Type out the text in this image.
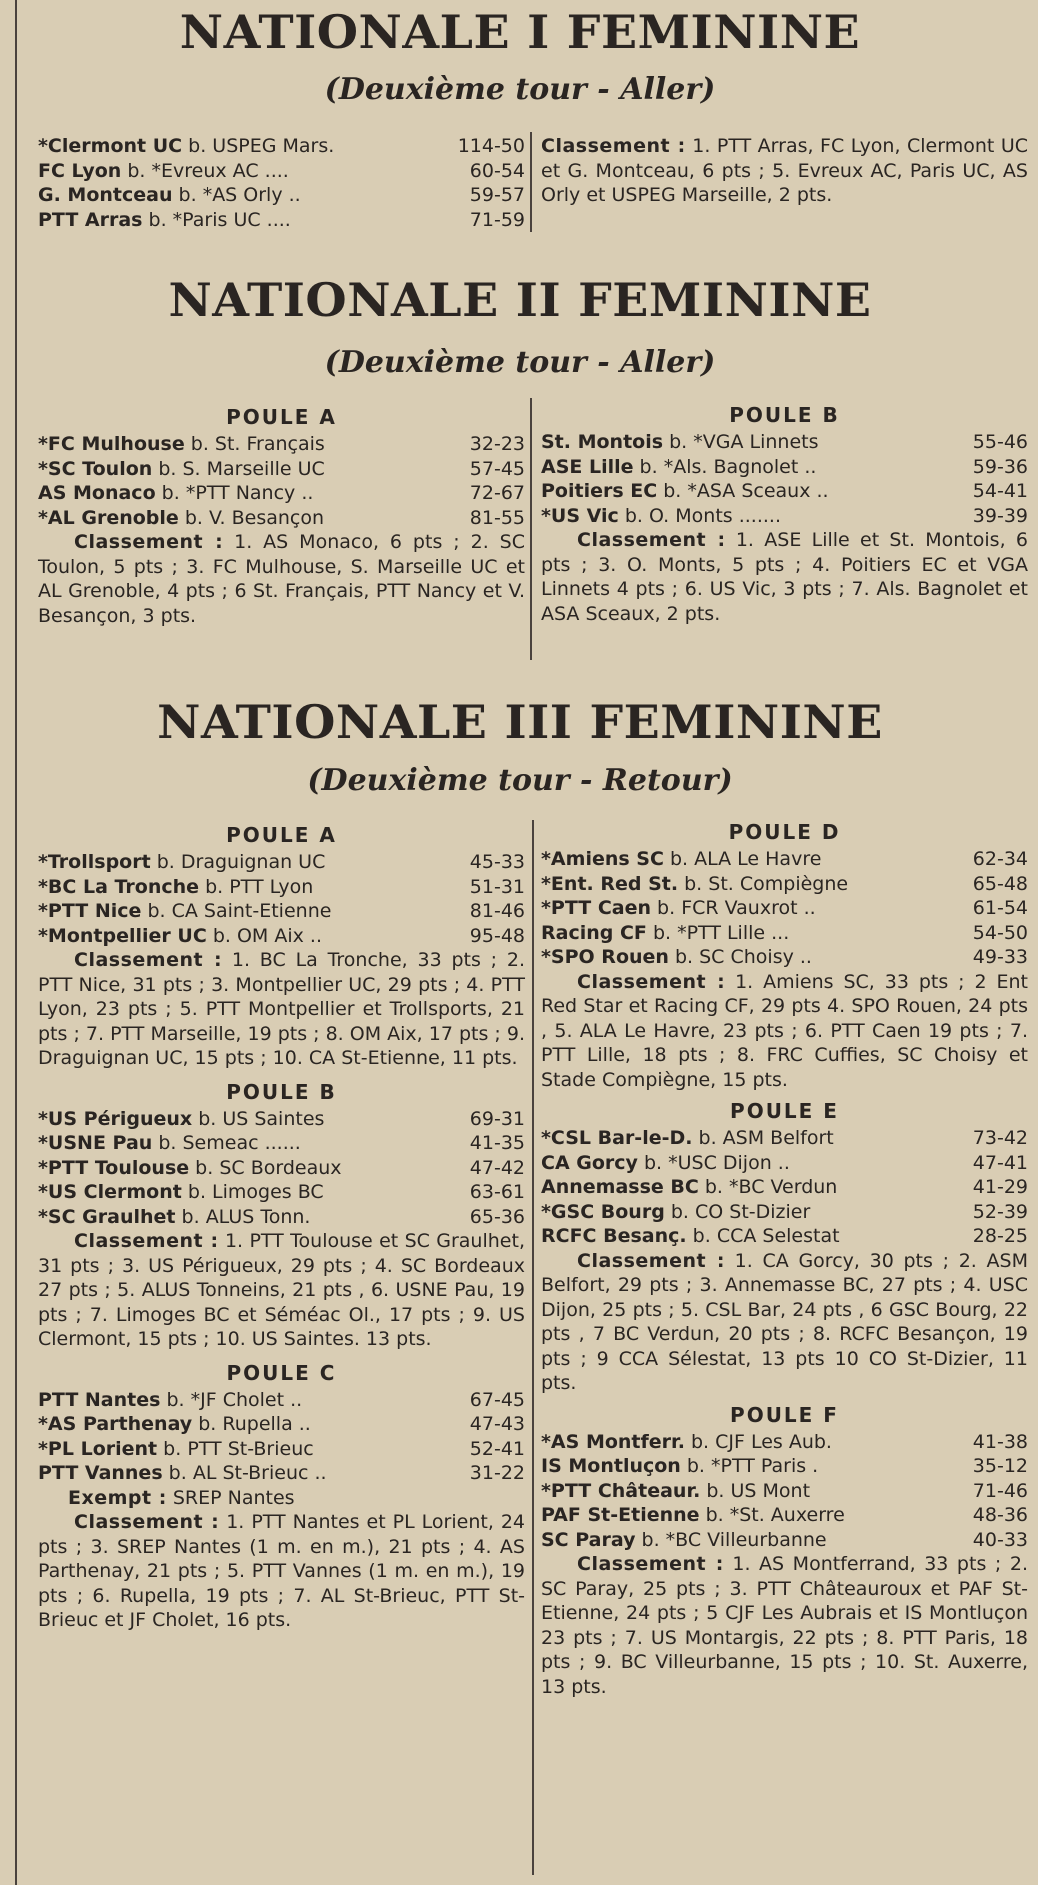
NATIONALE I FEMININE
(Deuxième tour - Aller)
*Clermont UC b. USPEG Mars.	114-50
FC Lyon b. *Evreux AC ....	60-54
G. Montceau b. *AS Orly ..	59-57
PTT Arras b. *Paris UC ....	71-59
Classement : 1. PTT Arras, FC Lyon, Clermont UC et G. Montceau, 6 pts ; 5. Evreux AC, Paris UC, AS Orly et USPEG Marseille, 2 pts.
NATIONALE II FEMININE
(Deuxième tour - Aller)
POULE A
*FC Mulhouse b. St. Français	32-23
*SC Toulon b. S. Marseille UC	57-45
AS Monaco b. *PTT Nancy ..	72-67
*AL Grenoble b. V. Besançon	81-55
Classement : 1. AS Monaco, 6 pts ; 2. SC Toulon, 5 pts ; 3. FC Mulhouse, S. Marseille UC et AL Grenoble, 4 pts ; 6 St. Français, PTT Nancy et V. Besançon, 3 pts.
POULE B
St. Montois b. *VGA Linnets	55-46
ASE Lille b. *Als. Bagnolet ..	59-36
Poitiers EC b. *ASA Sceaux ..	54-41
*US Vic b. O. Monts .......	39-39
Classement : 1. ASE Lille et St. Montois, 6 pts ; 3. O. Monts, 5 pts ; 4. Poitiers EC et VGA Linnets 4 pts ; 6. US Vic, 3 pts ; 7. Als. Bagnolet et ASA Sceaux, 2 pts.
NATIONALE III FEMININE
(Deuxième tour - Retour)
POULE A
*Trollsport b. Draguignan UC	45-33
*BC La Tronche b. PTT Lyon	51-31
*PTT Nice b. CA Saint-Etienne	81-46
*Montpellier UC b. OM Aix ..	95-48
Classement : 1. BC La Tronche, 33 pts ; 2. PTT Nice, 31 pts ; 3. Montpellier UC, 29 pts ; 4. PTT Lyon, 23 pts ; 5. PTT Montpellier et Trollsports, 21 pts ; 7. PTT Marseille, 19 pts ; 8. OM Aix, 17 pts ; 9. Draguignan UC, 15 pts ; 10. CA St-Etienne, 11 pts.
POULE B
*US Périgueux b. US Saintes	69-31
*USNE Pau b. Semeac ......	41-35
*PTT Toulouse b. SC Bordeaux	47-42
*US Clermont b. Limoges BC	63-61
*SC Graulhet b. ALUS Tonn.	65-36
Classement : 1. PTT Toulouse et SC Graulhet, 31 pts ; 3. US Périgueux, 29 pts ; 4. SC Bordeaux 27 pts ; 5. ALUS Tonneins, 21 pts , 6. USNE Pau, 19 pts ; 7. Limoges BC et Séméac Ol., 17 pts ; 9. US Clermont, 15 pts ; 10. US Saintes. 13 pts.
POULE C
PTT Nantes b. *JF Cholet ..	67-45
*AS Parthenay b. Rupella ..	47-43
*PL Lorient b. PTT St-Brieuc	52-41
PTT Vannes b. AL St-Brieuc ..	31-22
Exempt : SREP Nantes
Classement : 1. PTT Nantes et PL Lorient, 24 pts ; 3. SREP Nantes (1 m. en m.), 21 pts ; 4. AS Parthenay, 21 pts ; 5. PTT Vannes (1 m. en m.), 19 pts ; 6. Rupella, 19 pts ; 7. AL St-Brieuc, PTT St-Brieuc et JF Cholet, 16 pts.
POULE D
*Amiens SC b. ALA Le Havre	62-34
*Ent. Red St. b. St. Compiègne	65-48
*PTT Caen b. FCR Vauxrot ..	61-54
Racing CF b. *PTT Lille ...	54-50
*SPO Rouen b. SC Choisy ..	49-33
Classement : 1. Amiens SC, 33 pts ; 2 Ent Red Star et Racing CF, 29 pts 4. SPO Rouen, 24 pts , 5. ALA Le Havre, 23 pts ; 6. PTT Caen 19 pts ; 7. PTT Lille, 18 pts ; 8. FRC Cuffies, SC Choisy et Stade Compiègne, 15 pts.
POULE E
*CSL Bar-le-D. b. ASM Belfort	73-42
CA Gorcy b. *USC Dijon ..	47-41
Annemasse BC b. *BC Verdun	41-29
*GSC Bourg b. CO St-Dizier	52-39
RCFC Besanç. b. CCA Selestat	28-25
Classement : 1. CA Gorcy, 30 pts ; 2. ASM Belfort, 29 pts ; 3. Annemasse BC, 27 pts ; 4. USC Dijon, 25 pts ; 5. CSL Bar, 24 pts , 6 GSC Bourg, 22 pts , 7 BC Verdun, 20 pts ; 8. RCFC Besançon, 19 pts ; 9 CCA Sélestat, 13 pts 10 CO St-Dizier, 11 pts.
POULE F
*AS Montferr. b. CJF Les Aub.	41-38
IS Montluçon b. *PTT Paris .	35-12
*PTT Châteaur. b. US Mont	71-46
PAF St-Etienne b. *St. Auxerre	48-36
SC Paray b. *BC Villeurbanne	40-33
Classement : 1. AS Montferrand, 33 pts ; 2. SC Paray, 25 pts ; 3. PTT Châteauroux et PAF St-Etienne, 24 pts ; 5 CJF Les Aubrais et IS Montluçon 23 pts ; 7. US Montargis, 22 pts ; 8. PTT Paris, 18 pts ; 9. BC Villeurbanne, 15 pts ; 10. St. Auxerre, 13 pts.
